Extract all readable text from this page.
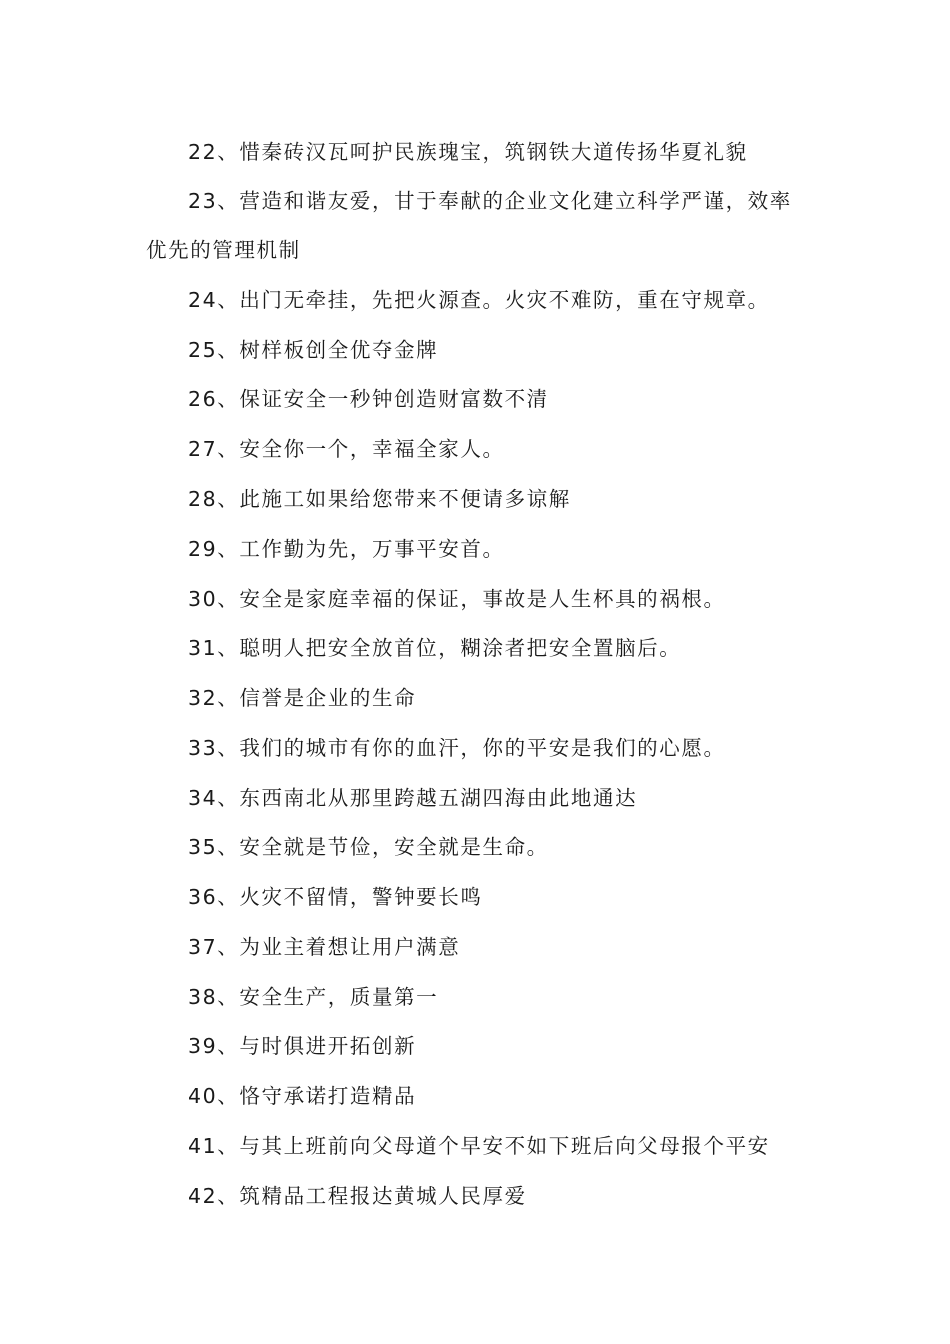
22、惜秦砖汉瓦呵护民族瑰宝，筑钢铁大道传扬华夏礼貌
23、营造和谐友爱，甘于奉献的企业文化建立科学严谨，效率
优先的管理机制
24、出门无牵挂，先把火源查。火灾不难防，重在守规章。
25、树样板创全优夺金牌
26、保证安全一秒钟创造财富数不清
27、安全你一个，幸福全家人。
28、此施工如果给您带来不便请多谅解
29、工作勤为先，万事平安首。
30、安全是家庭幸福的保证，事故是人生杯具的祸根。
31、聪明人把安全放首位，糊涂者把安全置脑后。
32、信誉是企业的生命
33、我们的城市有你的血汗，你的平安是我们的心愿。
34、东西南北从那里跨越五湖四海由此地通达
35、安全就是节俭，安全就是生命。
36、火灾不留情，警钟要长鸣
37、为业主着想让用户满意
38、安全生产，质量第一
39、与时俱进开拓创新
40、恪守承诺打造精品
41、与其上班前向父母道个早安不如下班后向父母报个平安
42、筑精品工程报达黄城人民厚爱
